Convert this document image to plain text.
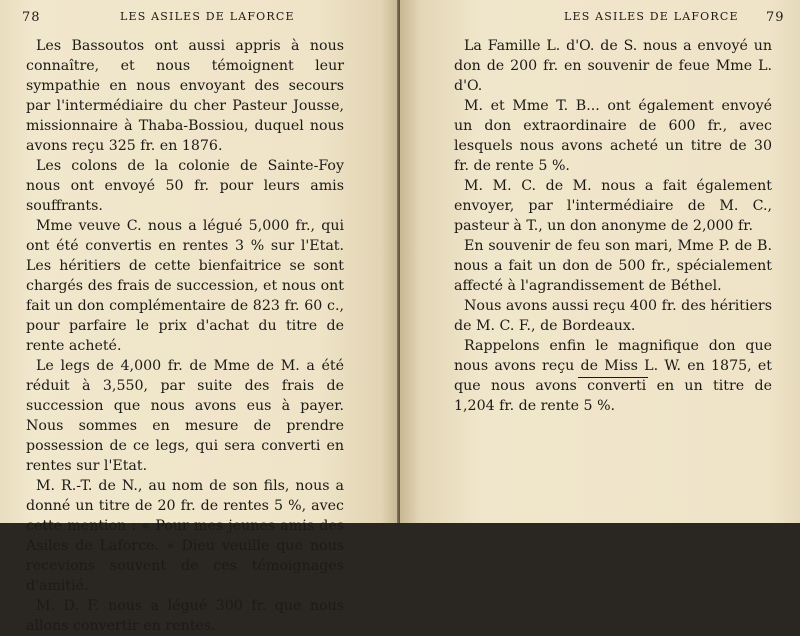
78	LES ASILES DE LAFORCE

Les Bassoutos ont aussi appris à nous connaître, et nous témoignent leur sympathie en nous envoyant des secours par l'intermédiaire du cher Pasteur Jousse, missionnaire à Thaba-Bossiou, duquel nous avons reçu 325 fr. en 1876.

Les colons de la colonie de Sainte-Foy nous ont envoyé 50 fr. pour leurs amis souffrants.

Mme veuve C. nous a légué 5,000 fr., qui ont été convertis en rentes 3 % sur l'Etat. Les héritiers de cette bienfaitrice se sont chargés des frais de succession, et nous ont fait un don complémentaire de 823 fr. 60 c., pour parfaire le prix d'achat du titre de rente acheté.

Le legs de 4,000 fr. de Mme de M. a été réduit à 3,550, par suite des frais de succession que nous avons eus à payer. Nous sommes en mesure de prendre possession de ce legs, qui sera converti en rentes sur l'Etat.

M. R.-T. de N., au nom de son fils, nous a donné un titre de 20 fr. de rentes 5 %, avec cette mention : « Pour mes jeunes amis des Asiles de Laforce. » Dieu veuille que nous recevions souvent de ces témoignages d'amitié.

M. D. F. nous a légué 300 fr. que nous allons convertir en rentes.

LES ASILES DE LAFORCE 79

La Famille L. d'O. de S. nous a envoyé un don de 200 fr. en souvenir de feue Mme L. d'O.

M. et Mme T. B... ont également envoyé un don extraordinaire de 600 fr., avec lesquels nous avons acheté un titre de 30 fr. de rente 5 %.

M. M. C. de M. nous a fait également envoyer, par l'intermédiaire de M. C., pasteur à T., un don anonyme de 2,000 fr.

En souvenir de feu son mari, Mme P. de B. nous a fait un don de 500 fr., spécialement affecté à l'agrandissement de Béthel.

Nous avons aussi reçu 400 fr. des héritiers de M. C. F., de Bordeaux.

Rappelons enfin le magnifique don que nous avons reçu de Miss L. W. en 1875, et que nous avons converti en un titre de 1,204 fr. de rente 5 %.
